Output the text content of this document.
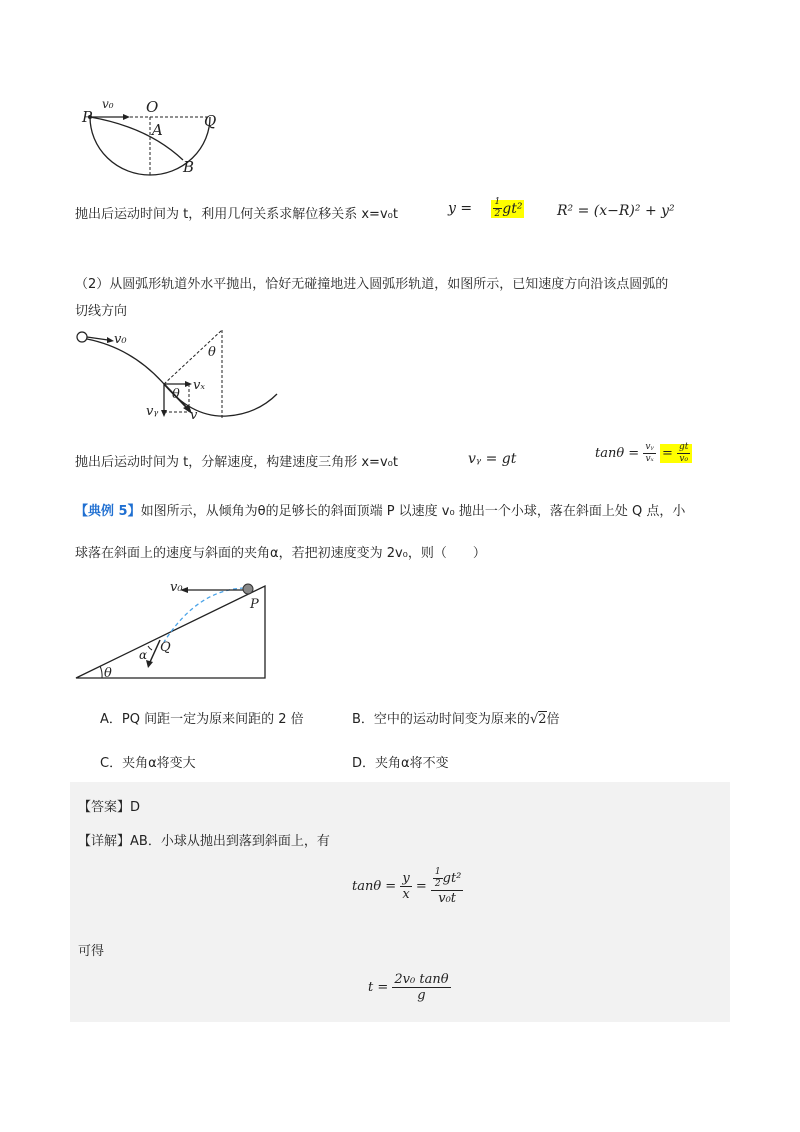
v₀ O
P	Q
A
B
抛出后运动时间为 t，利用几何关系求解位移关系 x=v₀t	$y = \frac{1}{2} gt^2$ R² = (x−R)² + y²
（2）从圆弧形轨道外水平抛出，恰好无碰撞地进入圆弧形轨道，如图所示，已知速度方向沿该点圆弧的
切线方向
v₀
θ
θ
vₓ
vᵧ v
抛出后运动时间为 t，分解速度，构建速度三角形 x=v₀t	vᵧ = gt	$\tan\theta = \frac{\text{vᵧ}}{\text{vₓ}} = \frac{gt}{\text{v₀}}$
【典例 5】如图所示，从倾角为θ的足够长的斜面顶端 P 以速度 v₀ 抛出一个小球，落在斜面上处 Q 点，小
球落在斜面上的速度与斜面的夹角α，若把初速度变为 2v₀，则（　　）
v₀
P
Q
α
θ
A．PQ 间距一定为原来间距的 2 倍	B．空中的运动时间变为原来的√2倍
C．夹角α将变大	D．夹角α将不变
【答案】D
【详解】AB．小球从抛出到落到斜面上，有
$\tan\theta = \frac{y}{x} = \frac{\frac{1}{2} gt^2}{\text{v₀t}}$
可得
$t = \frac{\text{2v₀ tanθ}}{g}$
